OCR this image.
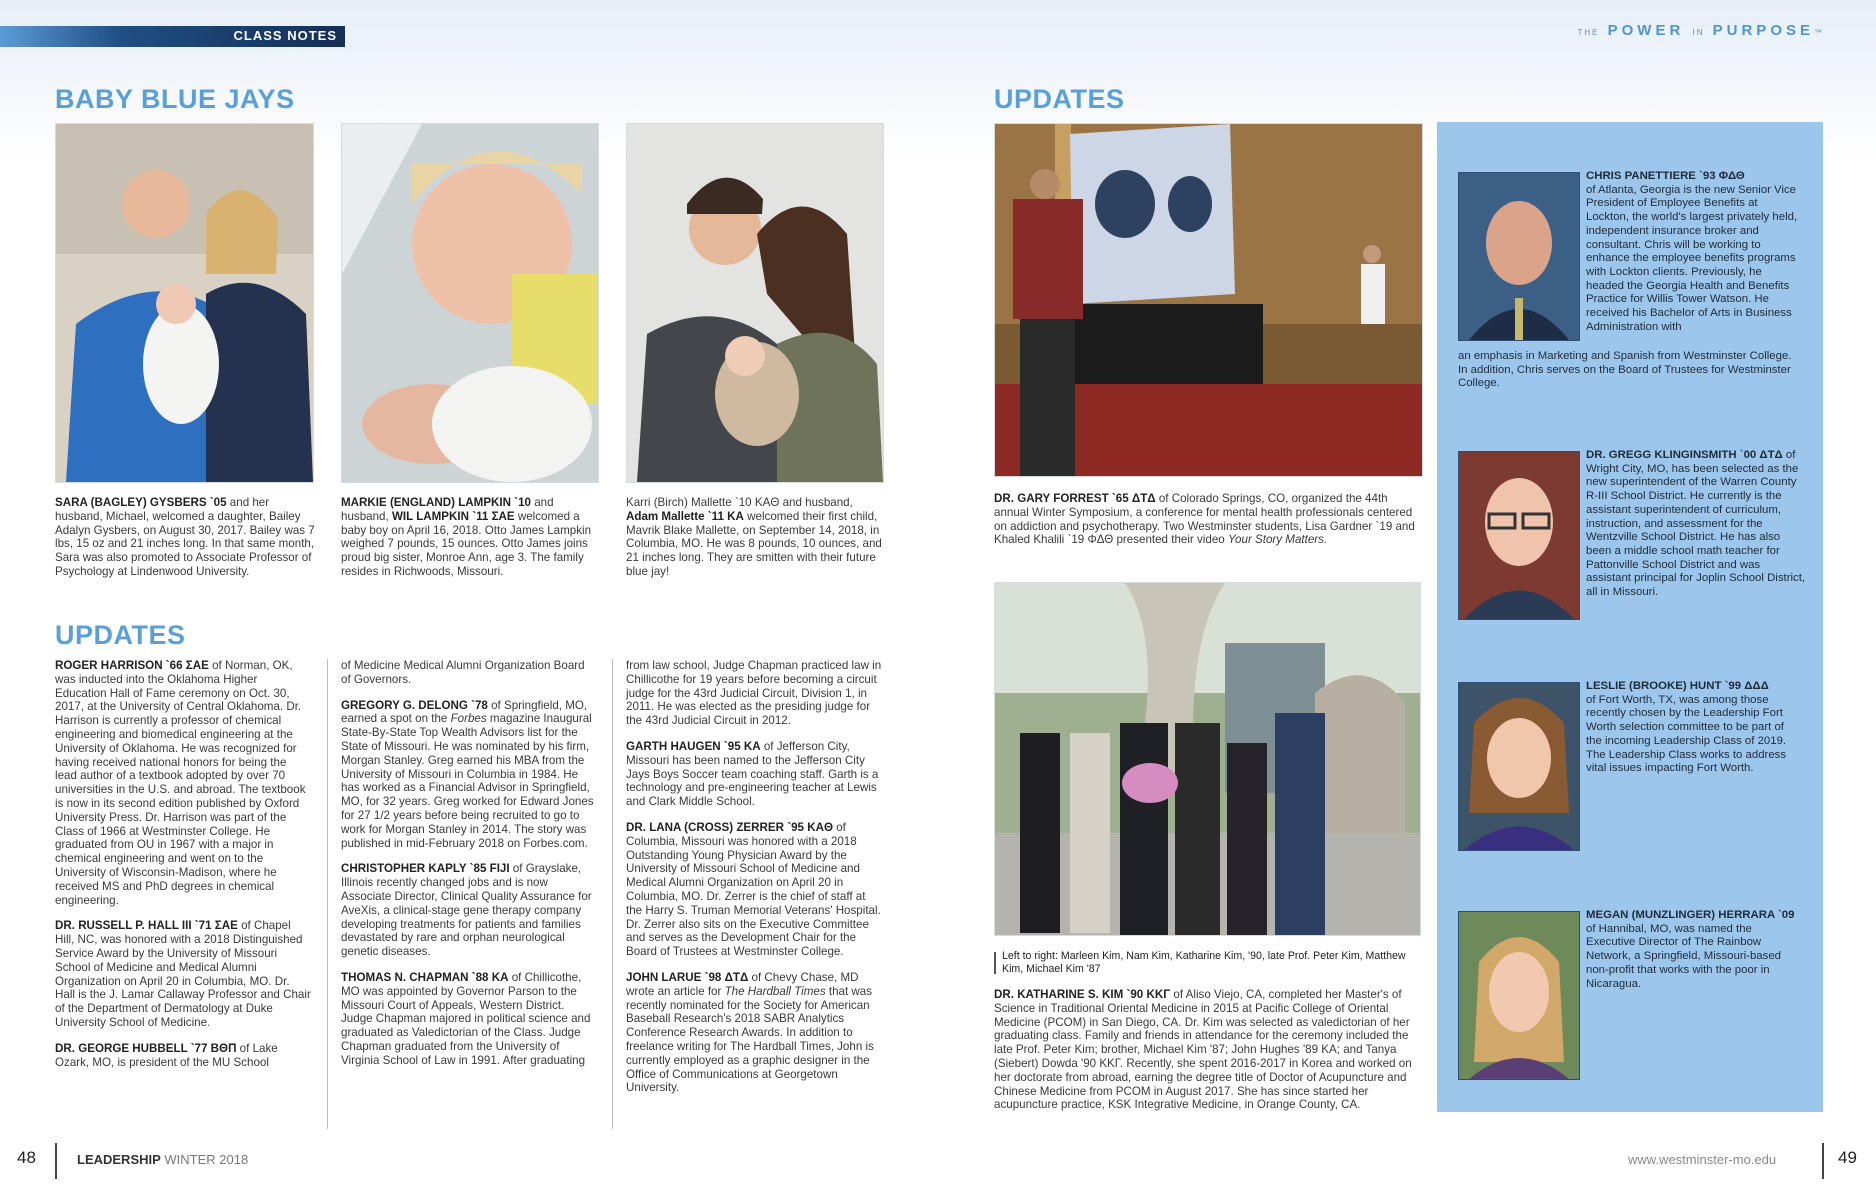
CLASS NOTES	THE POWER IN PURPOSE™
BABY BLUE JAYS
SARA (BAGLEY) GYSBERS `05 and her husband, Michael, welcomed a daughter, Bailey Adalyn Gysbers, on August 30, 2017. Bailey was 7 lbs, 15 oz and 21 inches long. In that same month, Sara was also promoted to Associate Professor of Psychology at Lindenwood University.
MARKIE (ENGLAND) LAMPKIN `10 and husband, WIL LAMPKIN `11 ΣAE welcomed a baby boy on April 16, 2018. Otto James Lampkin weighed 7 pounds, 15 ounces. Otto James joins proud big sister, Monroe Ann, age 3. The family resides in Richwoods, Missouri.
Karri (Birch) Mallette `10 KAΘ and husband, Adam Mallette `11 KA welcomed their first child, Mavrik Blake Mallette, on September 14, 2018, in Columbia, MO. He was 8 pounds, 10 ounces, and 21 inches long. They are smitten with their future blue jay!
UPDATES

ROGER HARRISON `66 ΣAE of Norman, OK, was inducted into the Oklahoma Higher Education Hall of Fame ceremony on Oct. 30, 2017, at the University of Central Oklahoma. Dr. Harrison is currently a professor of chemical engineering and biomedical engineering at the University of Oklahoma. He was recognized for having received national honors for being the lead author of a textbook adopted by over 70 universities in the U.S. and abroad. The textbook is now in its second edition published by Oxford University Press. Dr. Harrison was part of the Class of 1966 at Westminster College. He graduated from OU in 1967 with a major in chemical engineering and went on to the University of Wisconsin-Madison, where he received MS and PhD degrees in chemical engineering.

DR. RUSSELL P. HALL III `71 ΣAE of Chapel Hill, NC, was honored with a 2018 Distinguished Service Award by the University of Missouri School of Medicine and Medical Alumni Organization on April 20 in Columbia, MO. Dr. Hall is the J. Lamar Callaway Professor and Chair of the Department of Dermatology at Duke University School of Medicine.

DR. GEORGE HUBBELL `77 ΒΘΠ of Lake Ozark, MO, is president of the MU School

of Medicine Medical Alumni Organization Board of Governors.

GREGORY G. DELONG `78 of Springfield, MO, earned a spot on the Forbes magazine Inaugural State-By-State Top Wealth Advisors list for the State of Missouri. He was nominated by his firm, Morgan Stanley. Greg earned his MBA from the University of Missouri in Columbia in 1984. He has worked as a Financial Advisor in Springfield, MO, for 32 years. Greg worked for Edward Jones for 27 1/2 years before being recruited to go to work for Morgan Stanley in 2014. The story was published in mid-February 2018 on Forbes.com.

CHRISTOPHER KAPLY `85 FIJI of Grayslake, Illinois recently changed jobs and is now Associate Director, Clinical Quality Assurance for AveXis, a clinical-stage gene therapy company developing treatments for patients and families devastated by rare and orphan neurological genetic diseases.

THOMAS N. CHAPMAN `88 KA of Chillicothe, MO was appointed by Governor Parson to the Missouri Court of Appeals, Western District. Judge Chapman majored in political science and graduated as Valedictorian of the Class. Judge Chapman graduated from the University of Virginia School of Law in 1991. After graduating

from law school, Judge Chapman practiced law in Chillicothe for 19 years before becoming a circuit judge for the 43rd Judicial Circuit, Division 1, in 2011. He was elected as the presiding judge for the 43rd Judicial Circuit in 2012.

GARTH HAUGEN `95 KA of Jefferson City, Missouri has been named to the Jefferson City Jays Boys Soccer team coaching staff. Garth is a technology and pre-engineering teacher at Lewis and Clark Middle School.

DR. LANA (CROSS) ZERRER `95 KAΘ of Columbia, Missouri was honored with a 2018 Outstanding Young Physician Award by the University of Missouri School of Medicine and Medical Alumni Organization on April 20 in Columbia, MO. Dr. Zerrer is the chief of staff at the Harry S. Truman Memorial Veterans' Hospital. Dr. Zerrer also sits on the Executive Committee and serves as the Development Chair for the Board of Trustees at Westminster College.

JOHN LARUE `98 ΔTΔ of Chevy Chase, MD wrote an article for The Hardball Times that was recently nominated for the Society for American Baseball Research's 2018 SABR Analytics Conference Research Awards. In addition to freelance writing for The Hardball Times, John is currently employed as a graphic designer in the Office of Communications at Georgetown University.

48	LEADERSHIP WINTER 2018
UPDATES
DR. GARY FORREST `65 ΔTΔ of Colorado Springs, CO, organized the 44th annual Winter Symposium, a conference for mental health professionals centered on addiction and psychotherapy. Two Westminster students, Lisa Gardner `19 and Khaled Khalili `19 ΦΔΘ presented their video Your Story Matters.
Left to right: Marleen Kim, Nam Kim, Katharine Kim, '90, late Prof. Peter Kim, Matthew Kim, Michael Kim '87
DR. KATHARINE S. KIM `90 KKΓ of Aliso Viejo, CA, completed her Master's of Science in Traditional Oriental Medicine in 2015 at Pacific College of Oriental Medicine (PCOM) in San Diego, CA. Dr. Kim was selected as valedictorian of her graduating class. Family and friends in attendance for the ceremony included the late Prof. Peter Kim; brother, Michael Kim '87; John Hughes '89 KA; and Tanya (Siebert) Dowda '90 KKΓ. Recently, she spent 2016-2017 in Korea and worked on her doctorate from abroad, earning the degree title of Doctor of Acupuncture and Chinese Medicine from PCOM in August 2017. She has since started her acupuncture practice, KSK Integrative Medicine, in Orange County, CA.
CHRIS PANETTIERE `93 ΦΔΘ
of Atlanta, Georgia is the new Senior Vice President of Employee Benefits at Lockton, the world's largest privately held, independent insurance broker and consultant. Chris will be working to enhance the employee benefits programs with Lockton clients. Previously, he headed the Georgia Health and Benefits Practice for Willis Tower Watson. He received his Bachelor of Arts in Business Administration with
an emphasis in Marketing and Spanish from Westminster College. In addition, Chris serves on the Board of Trustees for Westminster College.
DR. GREGG KLINGINSMITH `00 ΔTΔ of Wright City, MO, has been selected as the new superintendent of the Warren County R-III School District. He currently is the assistant superintendent of curriculum, instruction, and assessment for the Wentzville School District. He has also been a middle school math teacher for Pattonville School District and was assistant principal for Joplin School District, all in Missouri.
LESLIE (BROOKE) HUNT `99 ΔΔΔ
of Fort Worth, TX, was among those recently chosen by the Leadership Fort Worth selection committee to be part of the incoming Leadership Class of 2019. The Leadership Class works to address vital issues impacting Fort Worth.
MEGAN (MUNZLINGER) HERRARA `09 of Hannibal, MO, was named the Executive Director of The Rainbow Network, a Springfield, Missouri-based non-profit that works with the poor in Nicaragua.
www.westminster-mo.edu	49
